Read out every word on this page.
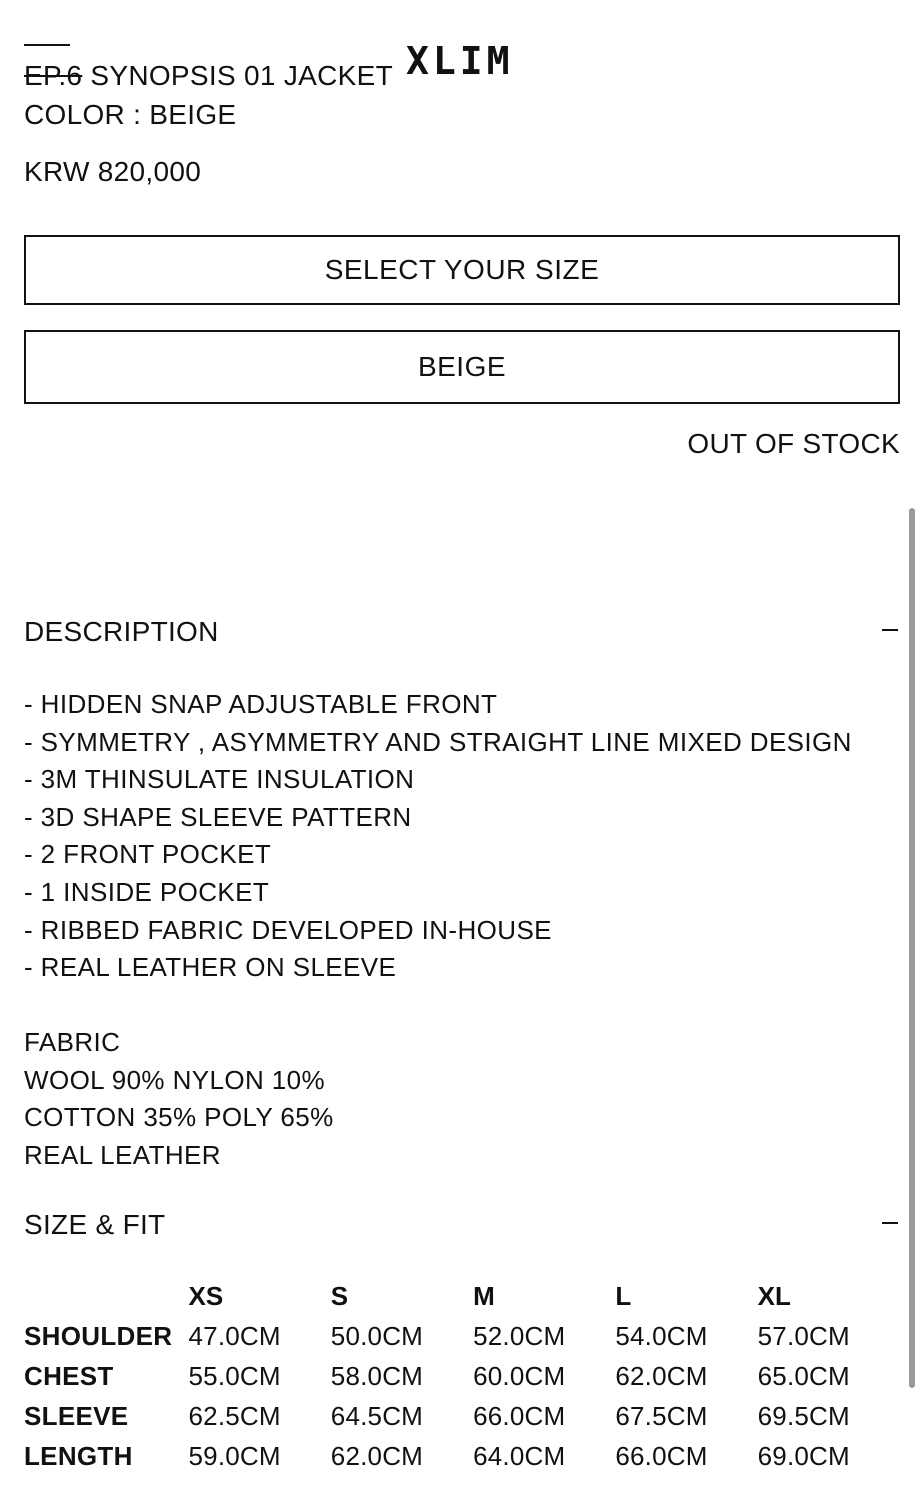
XLIM
EP.6 SYNOPSIS 01 JACKET
COLOR : BEIGE
KRW 820,000
SELECT YOUR SIZE
BEIGE
OUT OF STOCK
DESCRIPTION
- HIDDEN SNAP ADJUSTABLE FRONT
- SYMMETRY , ASYMMETRY AND STRAIGHT LINE MIXED DESIGN
- 3M THINSULATE INSULATION
- 3D SHAPE SLEEVE PATTERN
- 2 FRONT POCKET
- 1 INSIDE POCKET
- RIBBED FABRIC DEVELOPED IN-HOUSE
- REAL LEATHER ON SLEEVE
FABRIC
WOOL 90% NYLON 10%
COTTON 35% POLY 65%
REAL LEATHER
SIZE & FIT
	XS	S	M	L	XL
SHOULDER	47.0CM	50.0CM	52.0CM	54.0CM	57.0CM
CHEST	55.0CM	58.0CM	60.0CM	62.0CM	65.0CM
SLEEVE	62.5CM	64.5CM	66.0CM	67.5CM	69.5CM
LENGTH	59.0CM	62.0CM	64.0CM	66.0CM	69.0CM
